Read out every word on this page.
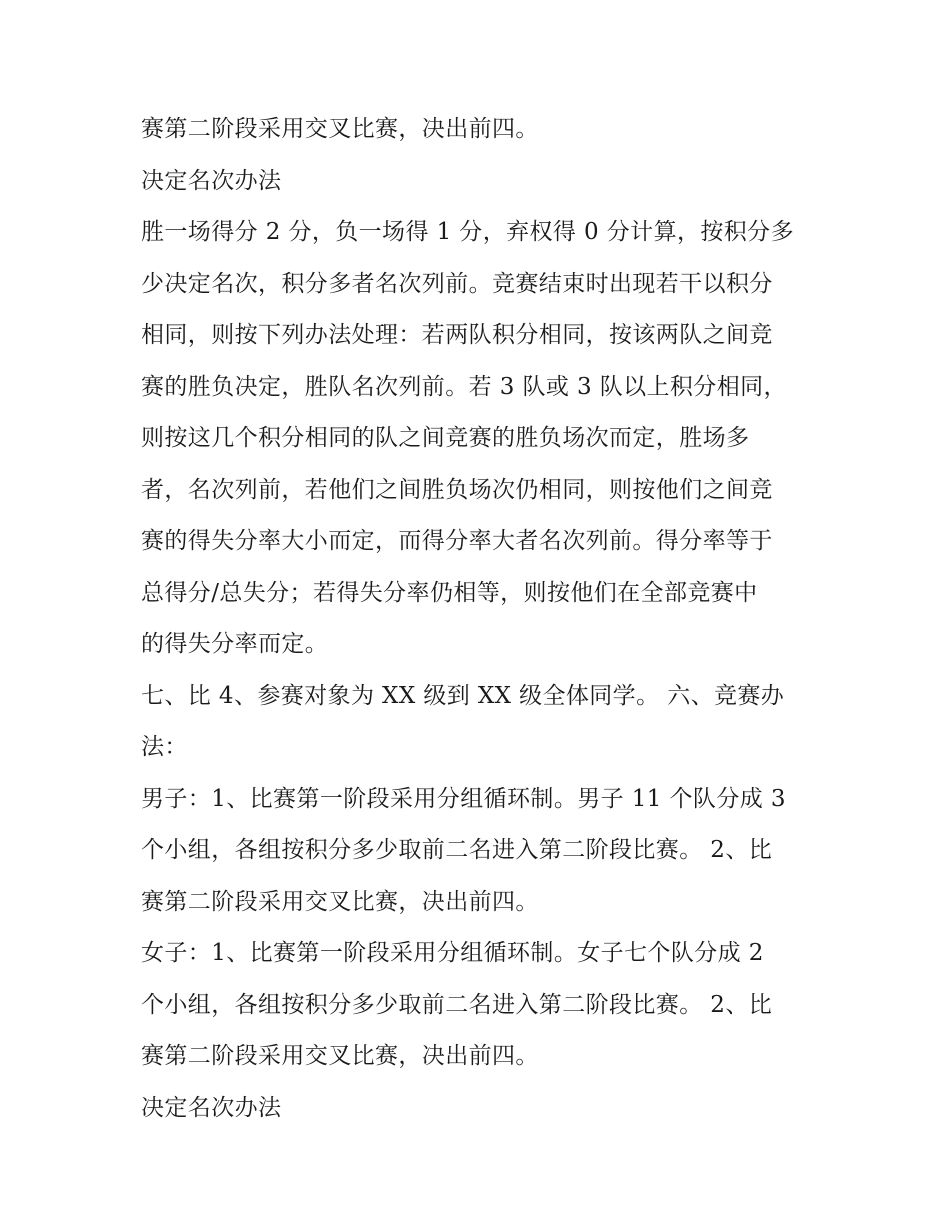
赛第二阶段采用交叉比赛，决出前四。

决定名次办法

胜一场得分 2 分，负一场得 1 分，弃权得 0 分计算，按积分多

少决定名次，积分多者名次列前。竞赛结束时出现若干以积分

相同，则按下列办法处理：若两队积分相同，按该两队之间竞

赛的胜负决定，胜队名次列前。若 3 队或 3 队以上积分相同，

则按这几个积分相同的队之间竞赛的胜负场次而定，胜场多

者，名次列前，若他们之间胜负场次仍相同，则按他们之间竞

赛的得失分率大小而定，而得分率大者名次列前。得分率等于

总得分/总失分；若得失分率仍相等，则按他们在全部竞赛中

的得失分率而定。

七、比 4、参赛对象为 XX 级到 XX 级全体同学。 六、竞赛办

法：

男子：1、比赛第一阶段采用分组循环制。男子 11 个队分成 3

个小组，各组按积分多少取前二名进入第二阶段比赛。 2、比

赛第二阶段采用交叉比赛，决出前四。

女子：1、比赛第一阶段采用分组循环制。女子七个队分成 2

个小组，各组按积分多少取前二名进入第二阶段比赛。 2、比

赛第二阶段采用交叉比赛，决出前四。

决定名次办法
